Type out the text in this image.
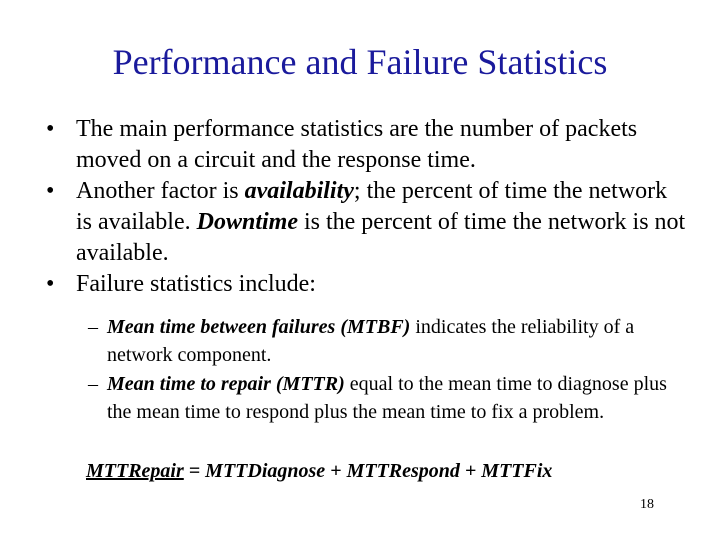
Performance and Failure Statistics
• The main performance statistics are the number of packets moved on a circuit and the response time.
• Another factor is availability; the percent of time the network is available. Downtime is the percent of time the network is not available.
• Failure statistics include:
– Mean time between failures (MTBF) indicates the reliability of a network component.
– Mean time to repair (MTTR) equal to the mean time to diagnose plus the mean time to respond plus the mean time to fix a problem.
MTTRepair = MTTDiagnose + MTTRespond + MTTFix
18
